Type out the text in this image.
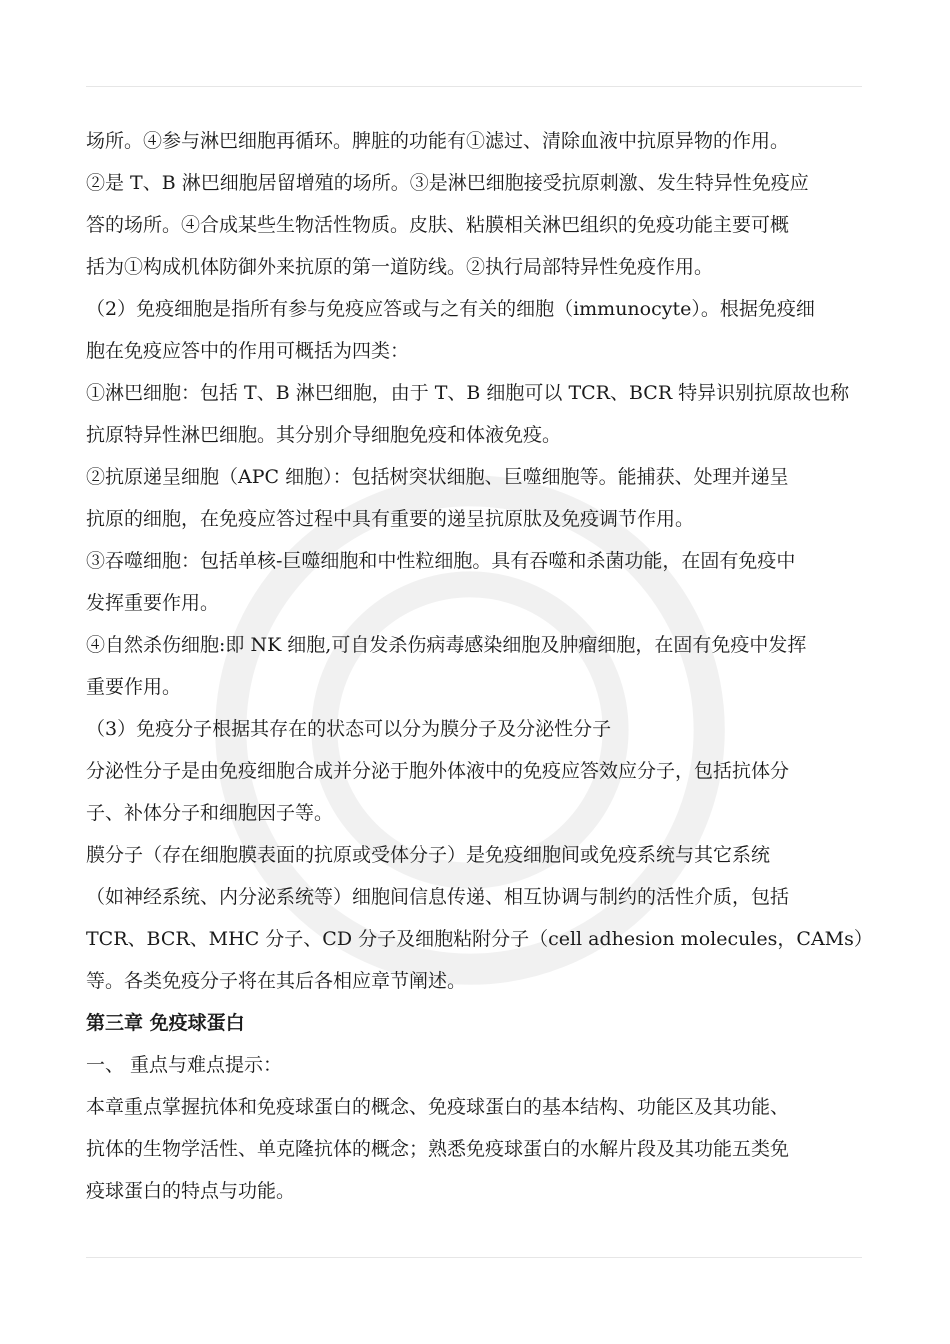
场所。④参与淋巴细胞再循环。脾脏的功能有①滤过、清除血液中抗原异物的作用。

②是 T、B 淋巴细胞居留增殖的场所。③是淋巴细胞接受抗原刺激、发生特异性免疫应

答的场所。④合成某些生物活性物质。皮肤、粘膜相关淋巴组织的免疫功能主要可概

括为①构成机体防御外来抗原的第一道防线。②执行局部特异性免疫作用。

（2）免疫细胞是指所有参与免疫应答或与之有关的细胞（immunocyte）。根据免疫细

胞在免疫应答中的作用可概括为四类：

①淋巴细胞：包括 T、B 淋巴细胞，由于 T、B 细胞可以 TCR、BCR 特异识别抗原故也称

抗原特异性淋巴细胞。其分别介导细胞免疫和体液免疫。

②抗原递呈细胞（APC 细胞）：包括树突状细胞、巨噬细胞等。能捕获、处理并递呈

抗原的细胞，在免疫应答过程中具有重要的递呈抗原肽及免疫调节作用。

③吞噬细胞：包括单核-巨噬细胞和中性粒细胞。具有吞噬和杀菌功能，在固有免疫中

发挥重要作用。

④自然杀伤细胞:即 NK 细胞,可自发杀伤病毒感染细胞及肿瘤细胞，在固有免疫中发挥

重要作用。

（3）免疫分子根据其存在的状态可以分为膜分子及分泌性分子

分泌性分子是由免疫细胞合成并分泌于胞外体液中的免疫应答效应分子，包括抗体分

子、补体分子和细胞因子等。

膜分子（存在细胞膜表面的抗原或受体分子）是免疫细胞间或免疫系统与其它系统

（如神经系统、内分泌系统等）细胞间信息传递、相互协调与制约的活性介质，包括

TCR、BCR、MHC 分子、CD 分子及细胞粘附分子（cell adhesion molecules，CAMs）

等。各类免疫分子将在其后各相应章节阐述。

第三章 免疫球蛋白

一、 重点与难点提示：

本章重点掌握抗体和免疫球蛋白的概念、免疫球蛋白的基本结构、功能区及其功能、

抗体的生物学活性、单克隆抗体的概念；熟悉免疫球蛋白的水解片段及其功能五类免

疫球蛋白的特点与功能。
